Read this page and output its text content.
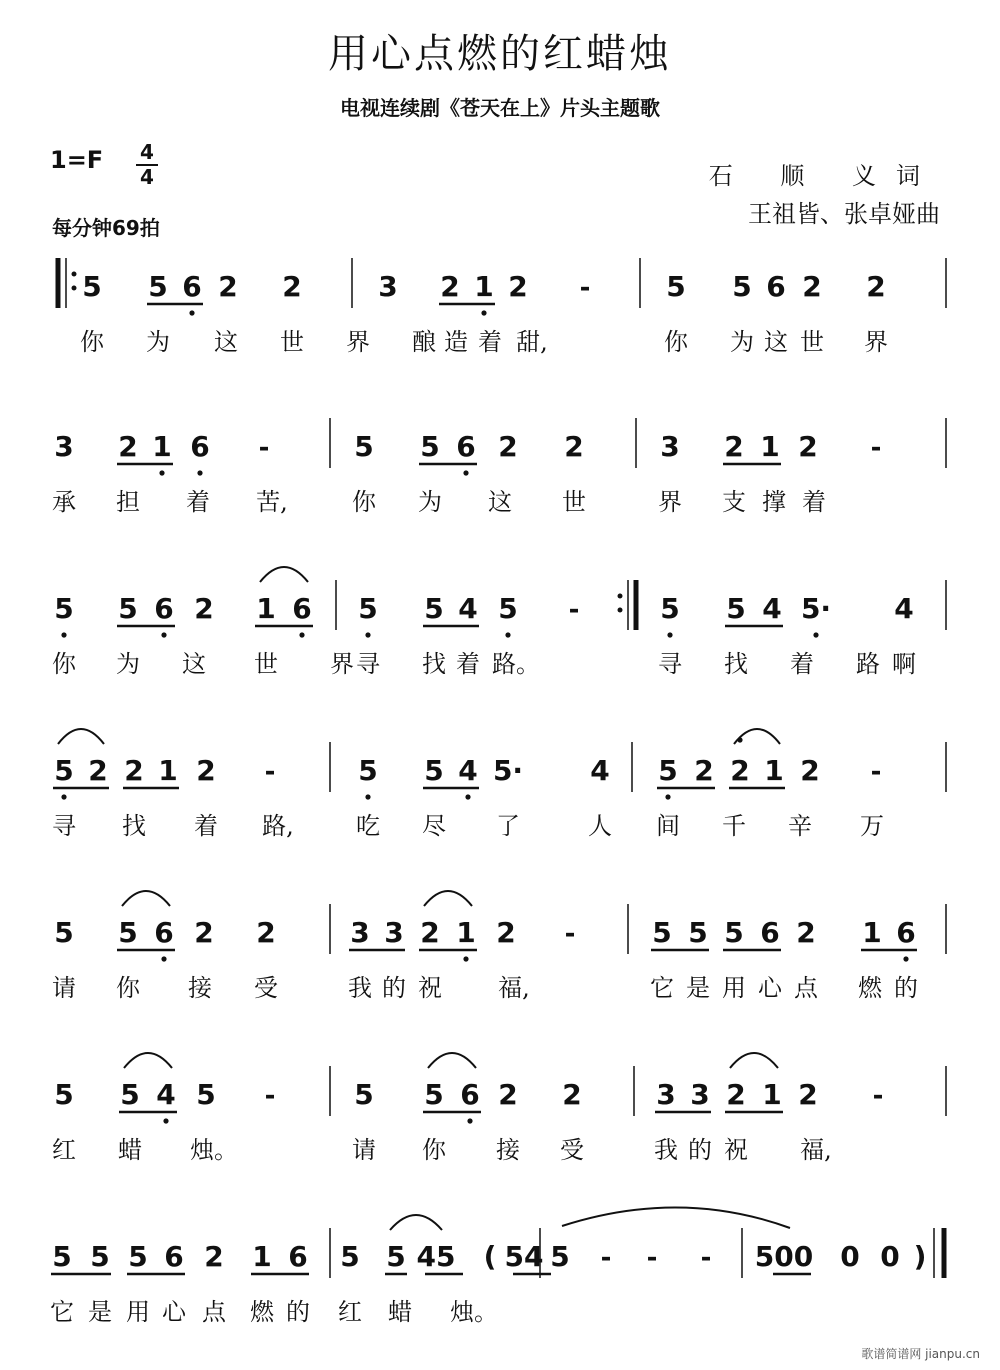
用心点燃的红蜡烛
电视连续剧《苍天在上》片头主题歌
1=F 4
4
每分钟69拍
石 顺 义词
王祖皆、张卓娅曲
5 5 6 2 2	3 2 1 2 -	5 5 6 2 2
你 为 这 世 界 酿 造 着 甜,	你 为 这 世 界
3 2 1 6 -	5 5 6 2 2	3 2 1 2 -
承 担 着 苦,	你 为 这 世	界 支 撑 着
5 5 6 2 1 6 5 5 4 5 -	5 5 4 5· 4
你 为 这 世 界 寻 找 着 路。	寻 找 着 路 啊
5 2 2 1 2 -	5 5 4 5· 4 5 2 2 1 2 -
寻 找 着 路,	吃 尽 了	人 间 千 辛 万
5 5 6 2 2	3 3 2 1 2 -	5 5 5 6 2 1 6
请 你 接 受	我 的 祝 福,	它 是 用 心 点 燃 的
5 5 4 5 -	5 5 6 2 2	3 3 2 1 2 -
红 蜡 烛。	请 你 接 受	我 的 祝 福,
5 5 5 6 2 1 6 5 5 45 ( 54 5 - - - 500 0 0 )
它 是 用 心 点 燃 的 红 蜡 烛。
歌谱简谱网 jianpu.cn
